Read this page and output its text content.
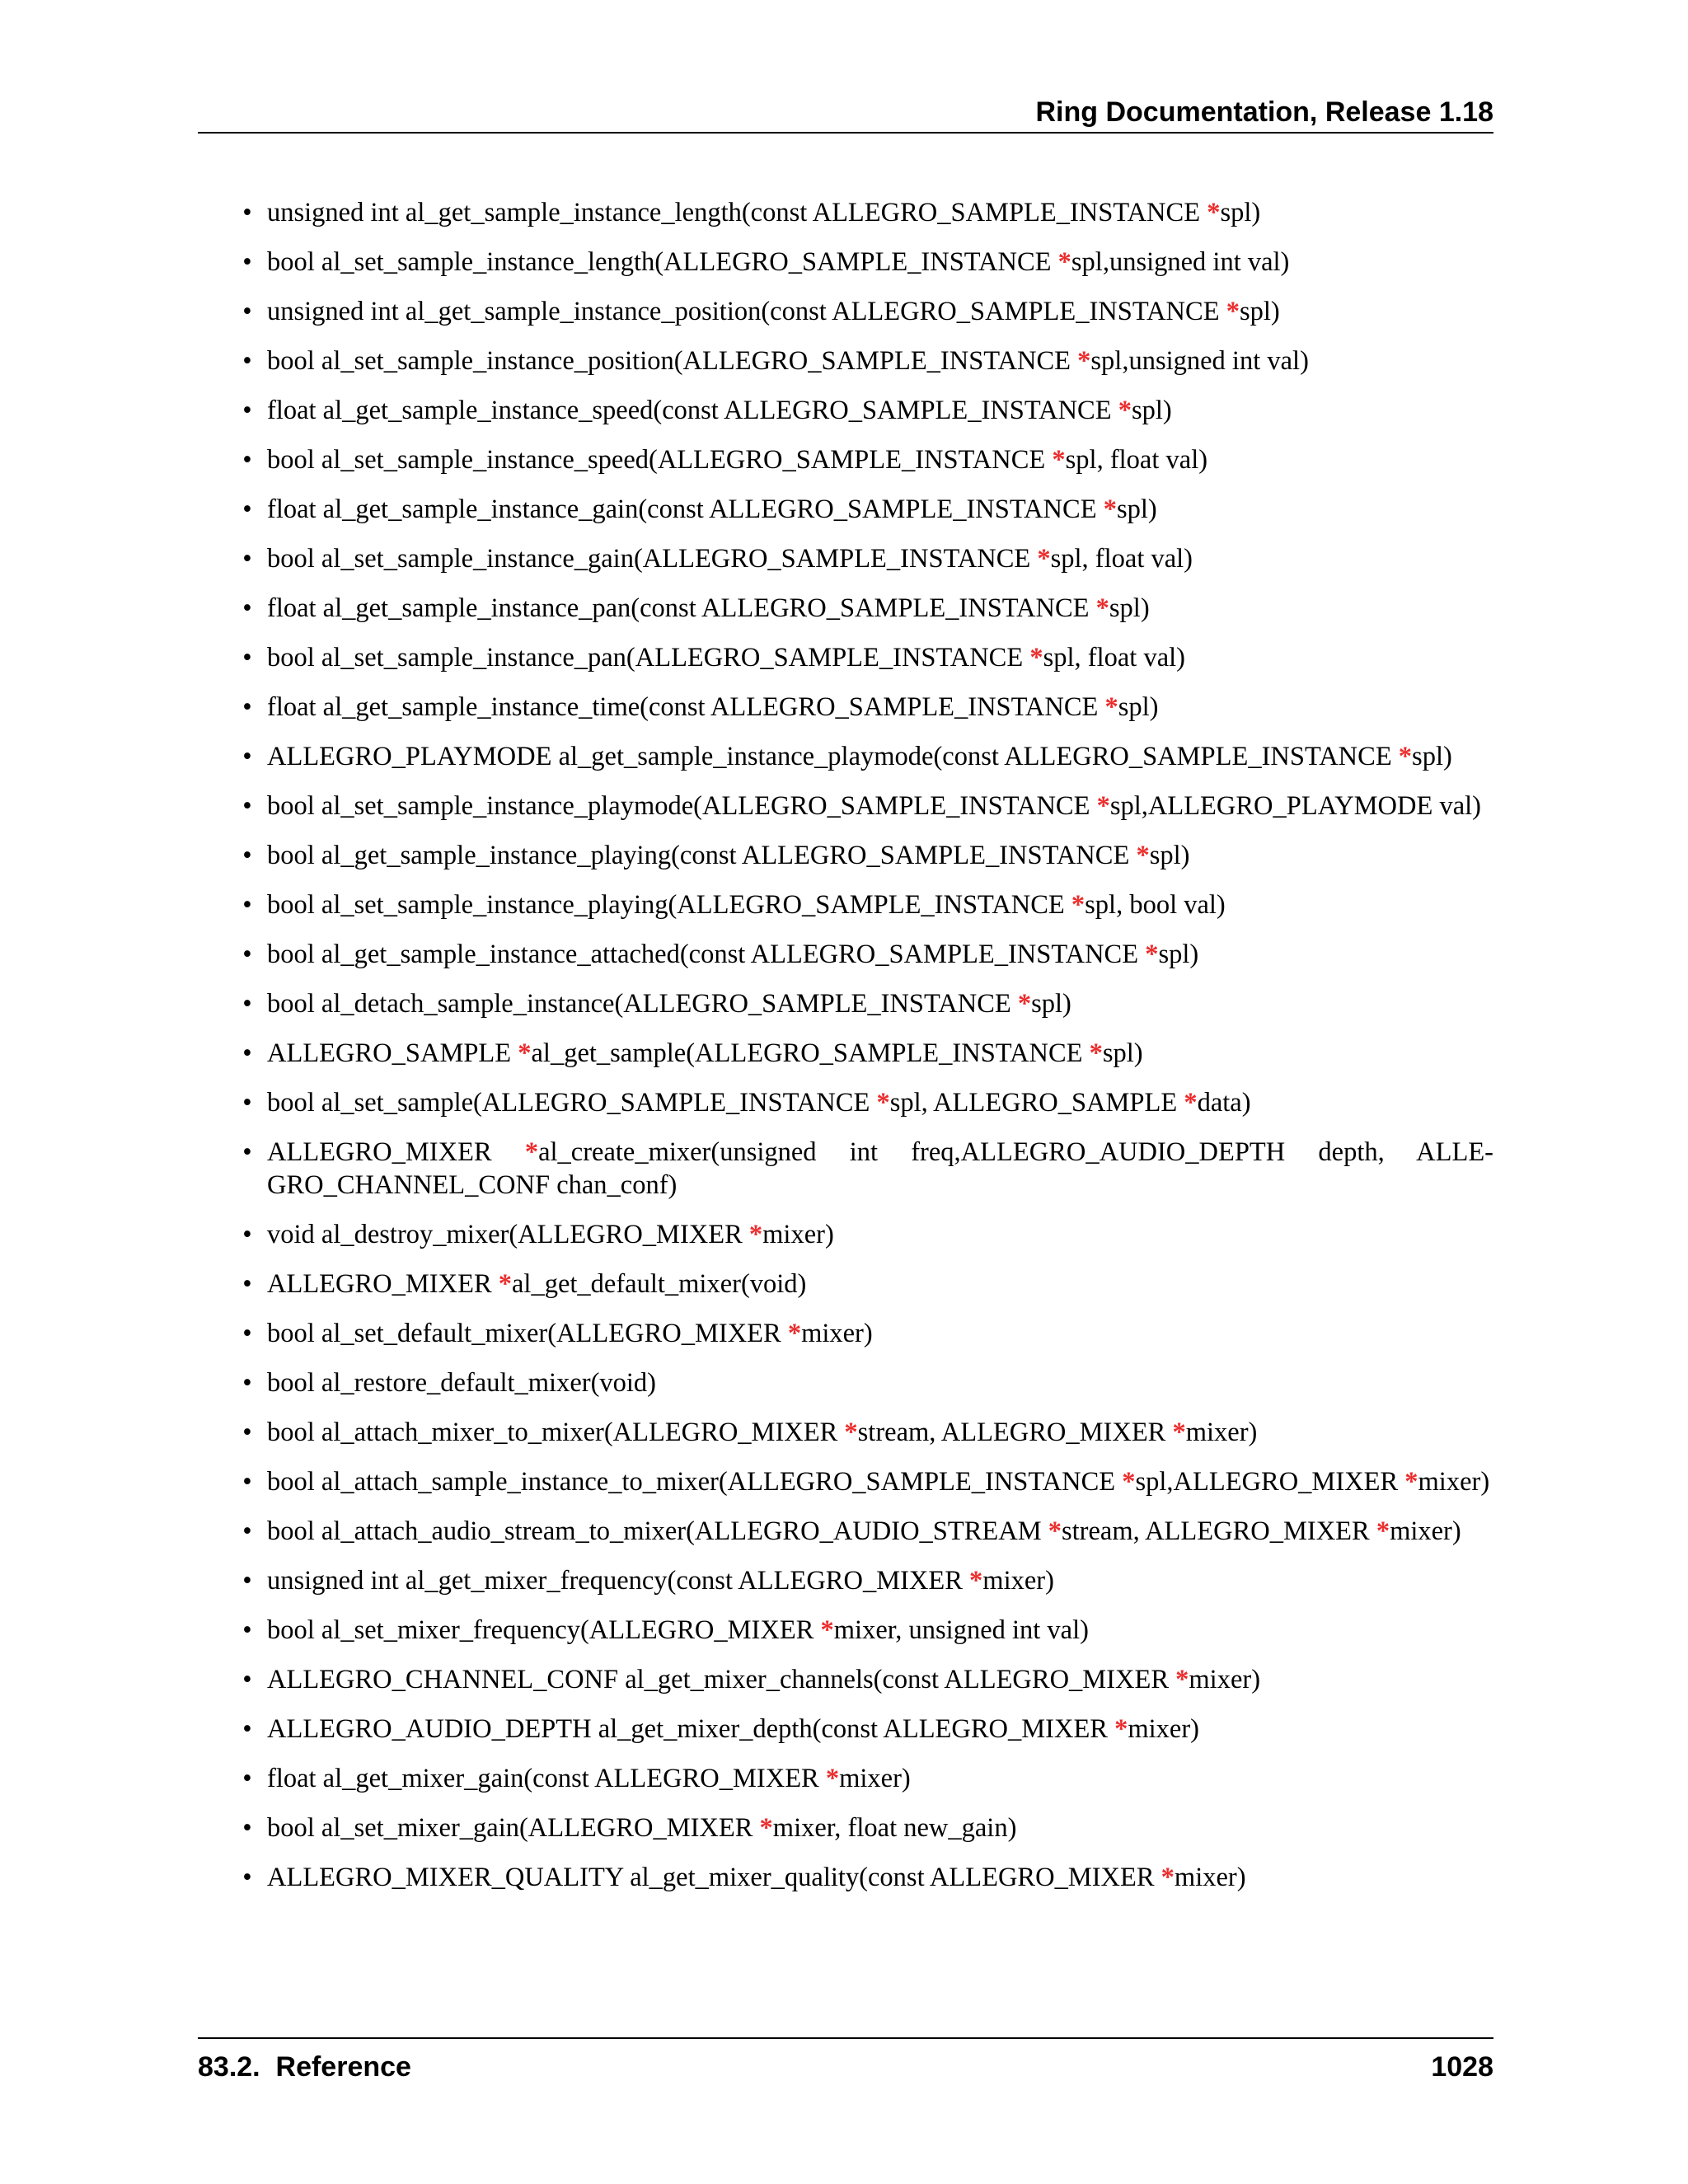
Ring Documentation, Release 1.18
• unsigned int al_get_sample_instance_length(const ALLEGRO_SAMPLE_INSTANCE *spl)
• bool al_set_sample_instance_length(ALLEGRO_SAMPLE_INSTANCE *spl,unsigned int val)
• unsigned int al_get_sample_instance_position(const ALLEGRO_SAMPLE_INSTANCE *spl)
• bool al_set_sample_instance_position(ALLEGRO_SAMPLE_INSTANCE *spl,unsigned int val)
• float al_get_sample_instance_speed(const ALLEGRO_SAMPLE_INSTANCE *spl)
• bool al_set_sample_instance_speed(ALLEGRO_SAMPLE_INSTANCE *spl, float val)
• float al_get_sample_instance_gain(const ALLEGRO_SAMPLE_INSTANCE *spl)
• bool al_set_sample_instance_gain(ALLEGRO_SAMPLE_INSTANCE *spl, float val)
• float al_get_sample_instance_pan(const ALLEGRO_SAMPLE_INSTANCE *spl)
• bool al_set_sample_instance_pan(ALLEGRO_SAMPLE_INSTANCE *spl, float val)
• float al_get_sample_instance_time(const ALLEGRO_SAMPLE_INSTANCE *spl)
• ALLEGRO_PLAYMODE al_get_sample_instance_playmode(const ALLEGRO_SAMPLE_INSTANCE *spl)
• bool al_set_sample_instance_playmode(ALLEGRO_SAMPLE_INSTANCE *spl,ALLEGRO_PLAYMODE val)
• bool al_get_sample_instance_playing(const ALLEGRO_SAMPLE_INSTANCE *spl)
• bool al_set_sample_instance_playing(ALLEGRO_SAMPLE_INSTANCE *spl, bool val)
• bool al_get_sample_instance_attached(const ALLEGRO_SAMPLE_INSTANCE *spl)
• bool al_detach_sample_instance(ALLEGRO_SAMPLE_INSTANCE *spl)
• ALLEGRO_SAMPLE *al_get_sample(ALLEGRO_SAMPLE_INSTANCE *spl)
• bool al_set_sample(ALLEGRO_SAMPLE_INSTANCE *spl, ALLEGRO_SAMPLE *data)
• ALLEGRO_MIXER *al_create_mixer(unsigned int freq,ALLEGRO_AUDIO_DEPTH depth, ALLEGRO_CHANNEL_CONF chan_conf)
• void al_destroy_mixer(ALLEGRO_MIXER *mixer)
• ALLEGRO_MIXER *al_get_default_mixer(void)
• bool al_set_default_mixer(ALLEGRO_MIXER *mixer)
• bool al_restore_default_mixer(void)
• bool al_attach_mixer_to_mixer(ALLEGRO_MIXER *stream, ALLEGRO_MIXER *mixer)
• bool al_attach_sample_instance_to_mixer(ALLEGRO_SAMPLE_INSTANCE *spl,ALLEGRO_MIXER *mixer)
• bool al_attach_audio_stream_to_mixer(ALLEGRO_AUDIO_STREAM *stream, ALLEGRO_MIXER *mixer)
• unsigned int al_get_mixer_frequency(const ALLEGRO_MIXER *mixer)
• bool al_set_mixer_frequency(ALLEGRO_MIXER *mixer, unsigned int val)
• ALLEGRO_CHANNEL_CONF al_get_mixer_channels(const ALLEGRO_MIXER *mixer)
• ALLEGRO_AUDIO_DEPTH al_get_mixer_depth(const ALLEGRO_MIXER *mixer)
• float al_get_mixer_gain(const ALLEGRO_MIXER *mixer)
• bool al_set_mixer_gain(ALLEGRO_MIXER *mixer, float new_gain)
• ALLEGRO_MIXER_QUALITY al_get_mixer_quality(const ALLEGRO_MIXER *mixer)
83.2.  Reference	1028
